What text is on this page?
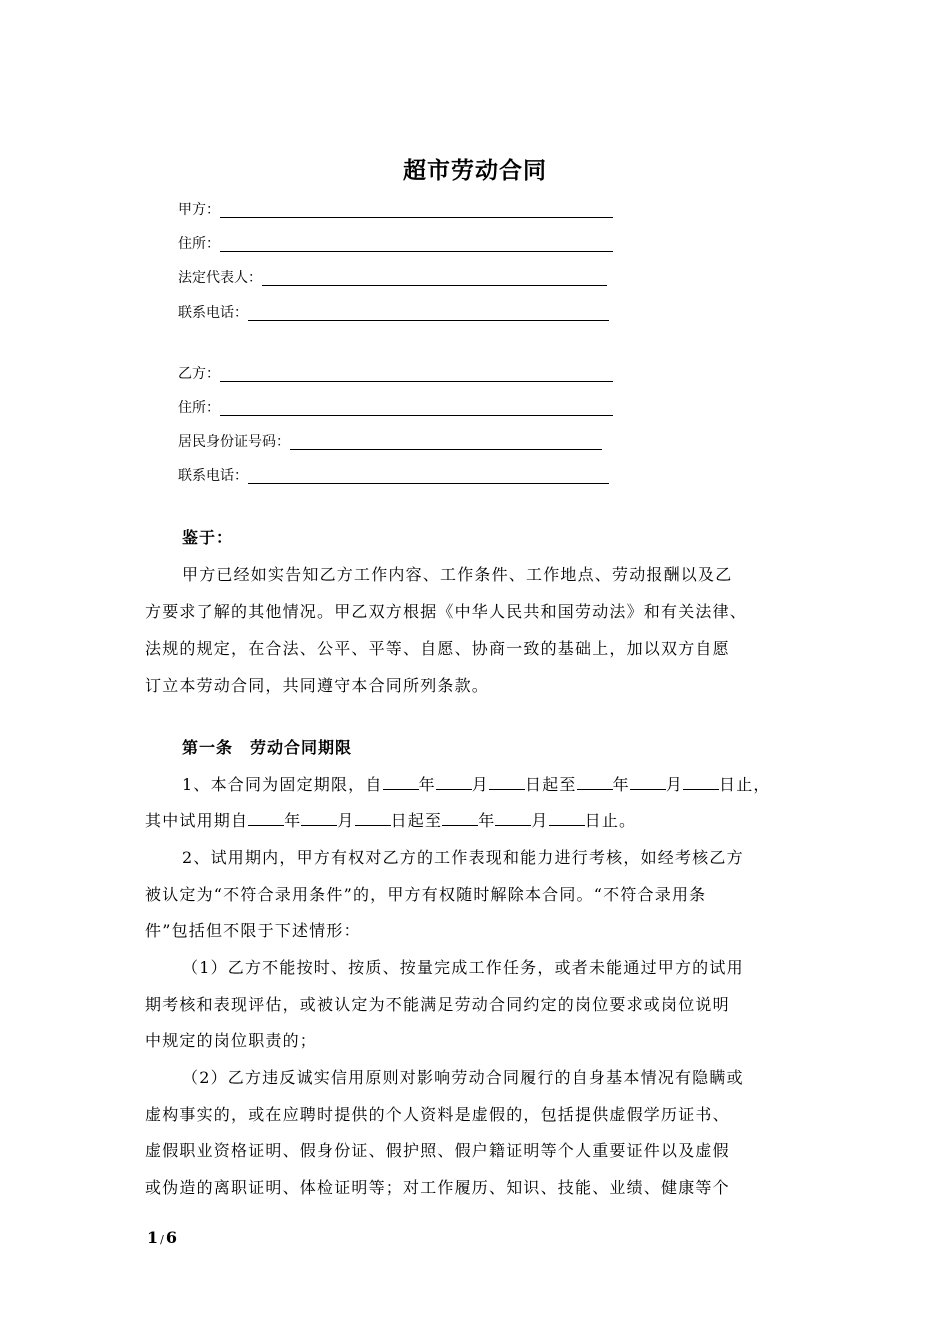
超市劳动合同
甲方：
住所：
法定代表人：
联系电话：
乙方：
住所：
居民身份证号码：
联系电话：
鉴于：
甲方已经如实告知乙方工作内容、工作条件、工作地点、劳动报酬以及乙
方要求了解的其他情况。甲乙双方根据《中华人民共和国劳动法》和有关法律、
法规的规定，在合法、公平、平等、自愿、协商一致的基础上，加以双方自愿
订立本劳动合同，共同遵守本合同所列条款。
第一条　劳动合同期限
1、本合同为固定期限，自 年 月 日起至 年 月 日止，
其中试用期自 年 月 日起至 年 月 日止。
2、试用期内，甲方有权对乙方的工作表现和能力进行考核，如经考核乙方
被认定为“不符合录用条件”的，甲方有权随时解除本合同。“不符合录用条
件”包括但不限于下述情形：
（1）乙方不能按时、按质、按量完成工作任务，或者未能通过甲方的试用
期考核和表现评估，或被认定为不能满足劳动合同约定的岗位要求或岗位说明
中规定的岗位职责的；
（2）乙方违反诚实信用原则对影响劳动合同履行的自身基本情况有隐瞒或
虚构事实的，或在应聘时提供的个人资料是虚假的，包括提供虚假学历证书、
虚假职业资格证明、假身份证、假护照、假户籍证明等个人重要证件以及虚假
或伪造的离职证明、体检证明等；对工作履历、知识、技能、业绩、健康等个
1 / 6
